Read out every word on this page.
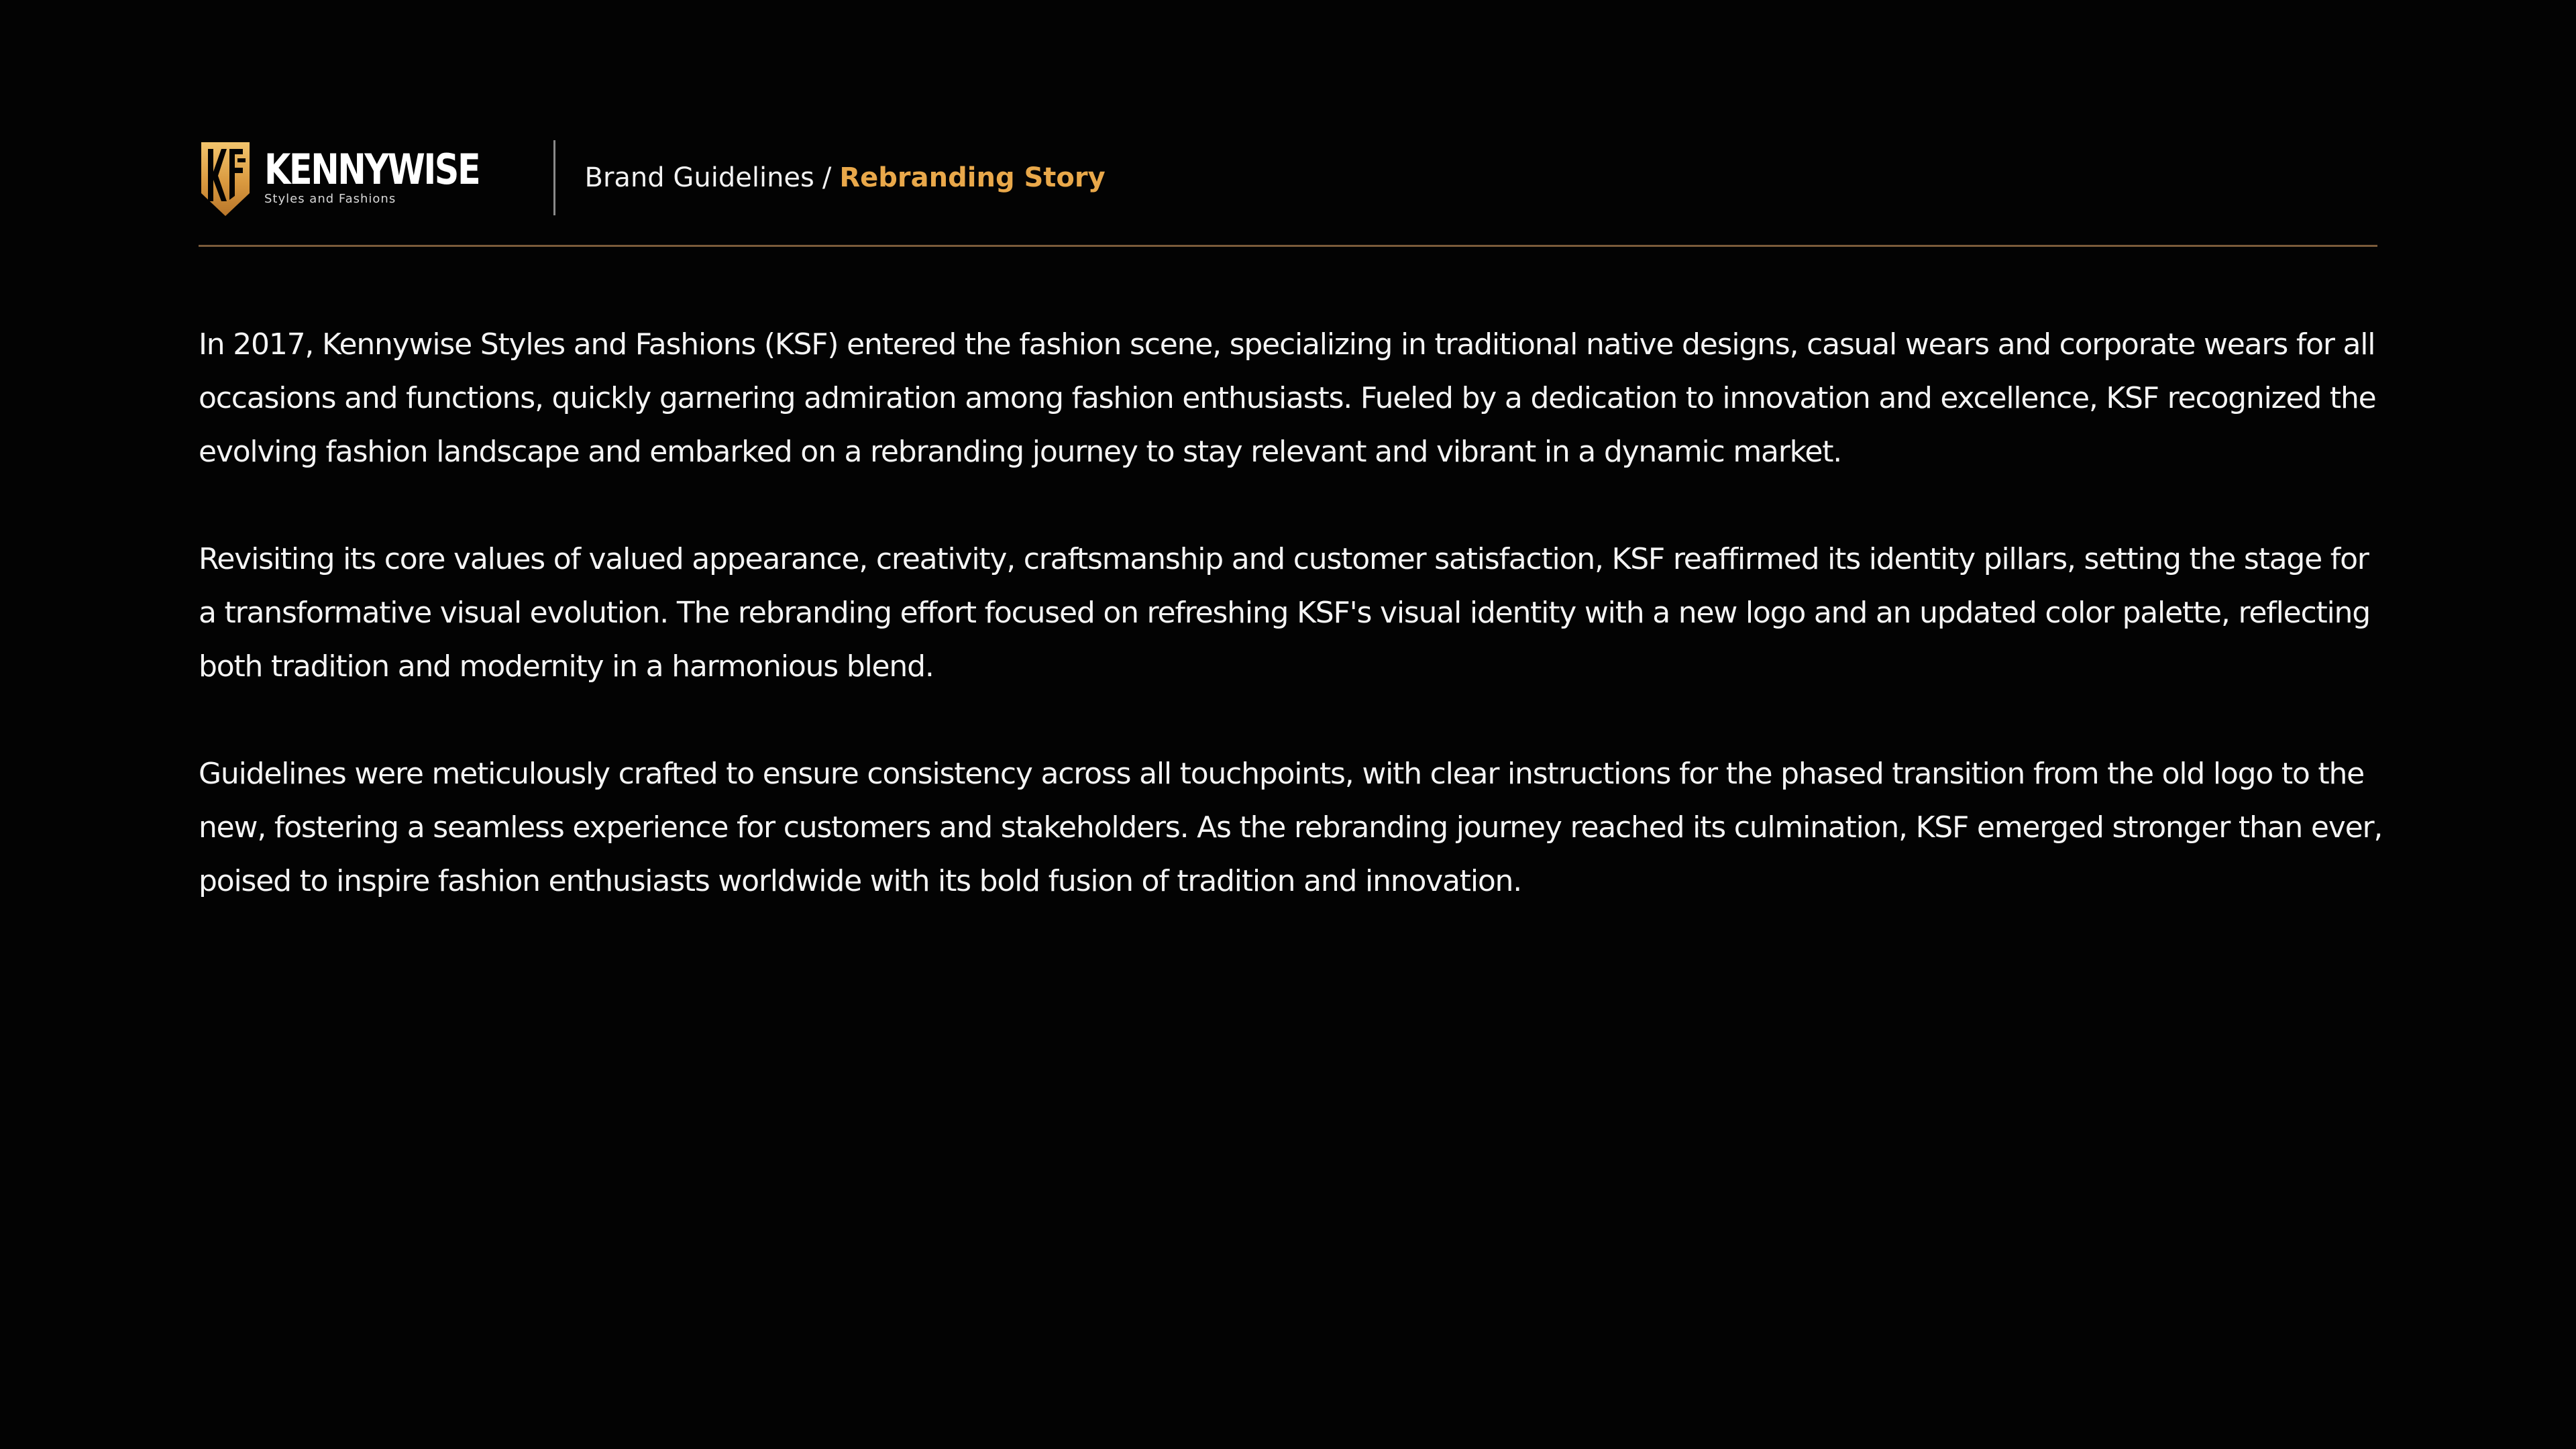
KENNYWISE
Styles and Fashions
Brand Guidelines / Rebranding Story

In 2017, Kennywise Styles and Fashions (KSF) entered the fashion scene, specializing in traditional native designs, casual wears and corporate wears for all occasions and functions, quickly garnering admiration among fashion enthusiasts. Fueled by a dedication to innovation and excellence, KSF recognized the evolving fashion landscape and embarked on a rebranding journey to stay relevant and vibrant in a dynamic market.

Revisiting its core values of valued appearance, creativity, craftsmanship and customer satisfaction, KSF reaffirmed its identity pillars, setting the stage for a transformative visual evolution. The rebranding effort focused on refreshing KSF's visual identity with a new logo and an updated color palette, reflecting both tradition and modernity in a harmonious blend.

Guidelines were meticulously crafted to ensure consistency across all touchpoints, with clear instructions for the phased transition from the old logo to the new, fostering a seamless experience for customers and stakeholders. As the rebranding journey reached its culmination, KSF emerged stronger than ever, poised to inspire fashion enthusiasts worldwide with its bold fusion of tradition and innovation.
